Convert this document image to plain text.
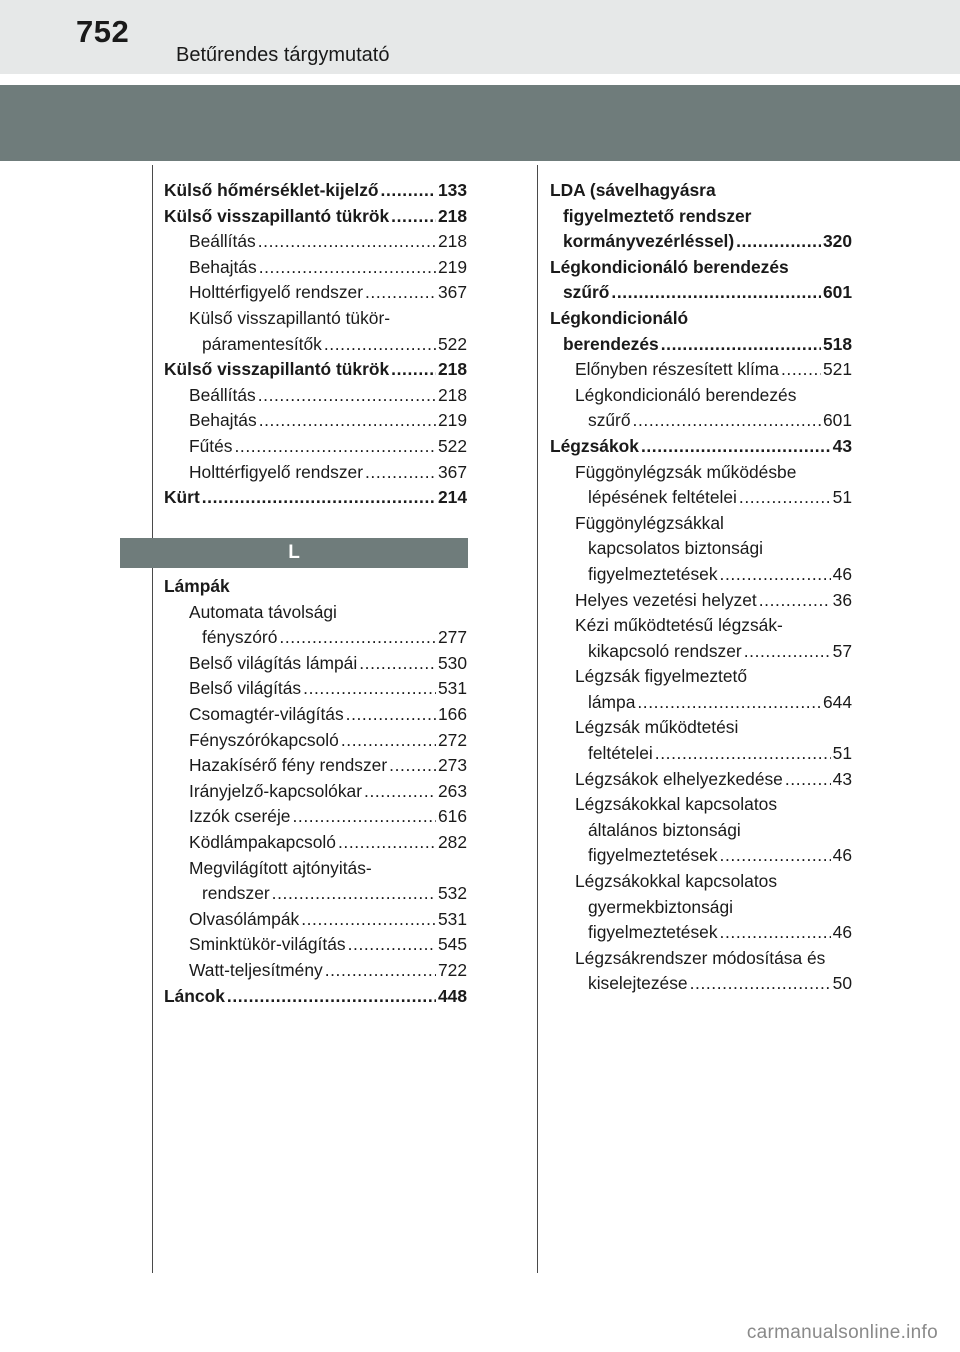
752
Betűrendes tárgymutató
Külső hőmérséklet-kijelző .....	133
Külső visszapillantó tükrök .....	218
Beállítás .....	218
Behajtás .....	219
Holttérfigyelő rendszer .....	367
Külső visszapillantó tükör-
páramentesítők .....	522
Külső visszapillantó tükrök .....	218
Beállítás .....	218
Behajtás .....	219
Fűtés .....	522
Holttérfigyelő rendszer .....	367
Kürt .....	214
L
Lámpák
Automata távolsági
fényszóró .....	277
Belső világítás lámpái .....	530
Belső világítás .....	531
Csomagtér-világítás .....	166
Fényszórókapcsoló .....	272
Hazakísérő fény rendszer .....	273
Irányjelző-kapcsolókar .....	263
Izzók cseréje .....	616
Ködlámpakapcsoló .....	282
Megvilágított ajtónyitás-
rendszer .....	532
Olvasólámpák .....	531
Sminktükör-világítás .....	545
Watt-teljesítmény .....	722
Láncok .....	448
LDA (sávelhagyásra
figyelmeztető rendszer
kormányvezérléssel) .....	320
Légkondicionáló berendezés
szűrő .....	601
Légkondicionáló
berendezés .....	518
Előnyben részesített klíma .....	521
Légkondicionáló berendezés
szűrő .....	601
Légzsákok .....	43
Függönylégzsák működésbe
lépésének feltételei .....	51
Függönylégzsákkal
kapcsolatos biztonsági
figyelmeztetések .....	46
Helyes vezetési helyzet .....	36
Kézi működtetésű légzsák-
kikapcsoló rendszer .....	57
Légzsák figyelmeztető
lámpa .....	644
Légzsák működtetési
feltételei .....	51
Légzsákok elhelyezkedése .....	43
Légzsákokkal kapcsolatos
általános biztonsági
figyelmeztetések .....	46
Légzsákokkal kapcsolatos
gyermekbiztonsági
figyelmeztetések .....	46
Légzsákrendszer módosítása és
kiselejtezése .....	50
carmanualsonline.info
